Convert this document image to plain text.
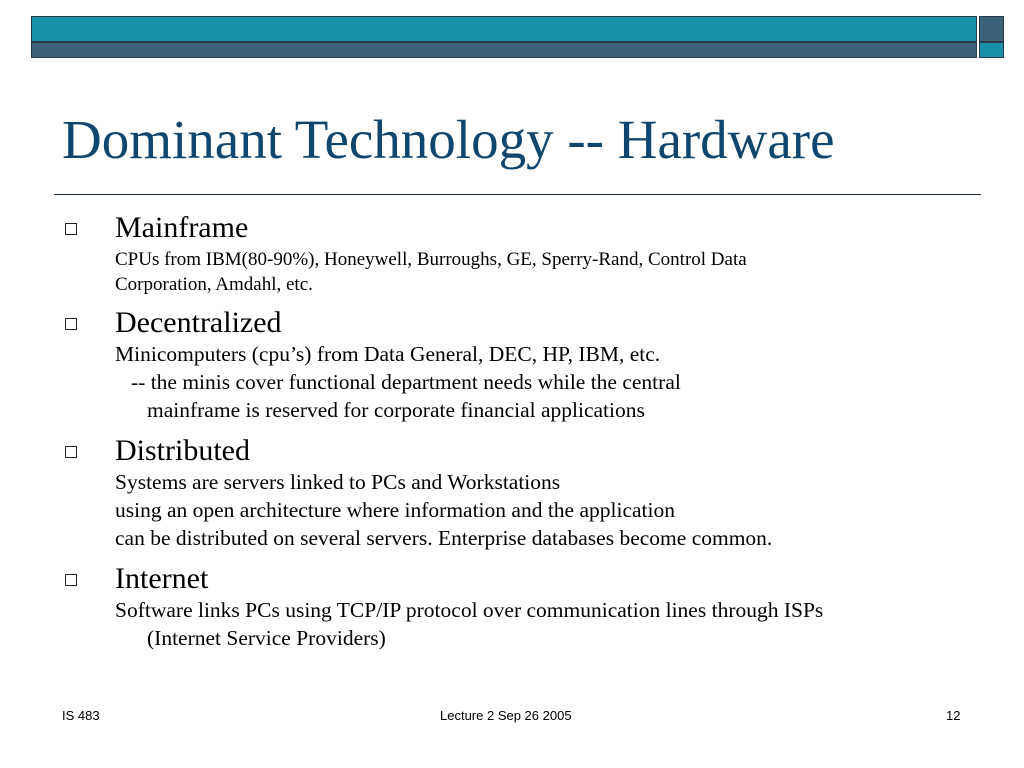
Dominant Technology -- Hardware
Mainframe
CPUs from IBM(80-90%), Honeywell, Burroughs, GE, Sperry-Rand, Control Data
Corporation, Amdahl, etc.
Decentralized
Minicomputers (cpu’s) from Data General, DEC, HP, IBM, etc.
-- the minis cover functional department needs while the central
mainframe is reserved for corporate financial applications
Distributed
Systems are servers linked to PCs and Workstations
using an open architecture where information and the application
can be distributed on several servers. Enterprise databases become common.
Internet
Software links PCs using TCP/IP protocol over communication lines through ISPs
(Internet Service Providers)
IS 483	Lecture 2 Sep 26 2005	12
